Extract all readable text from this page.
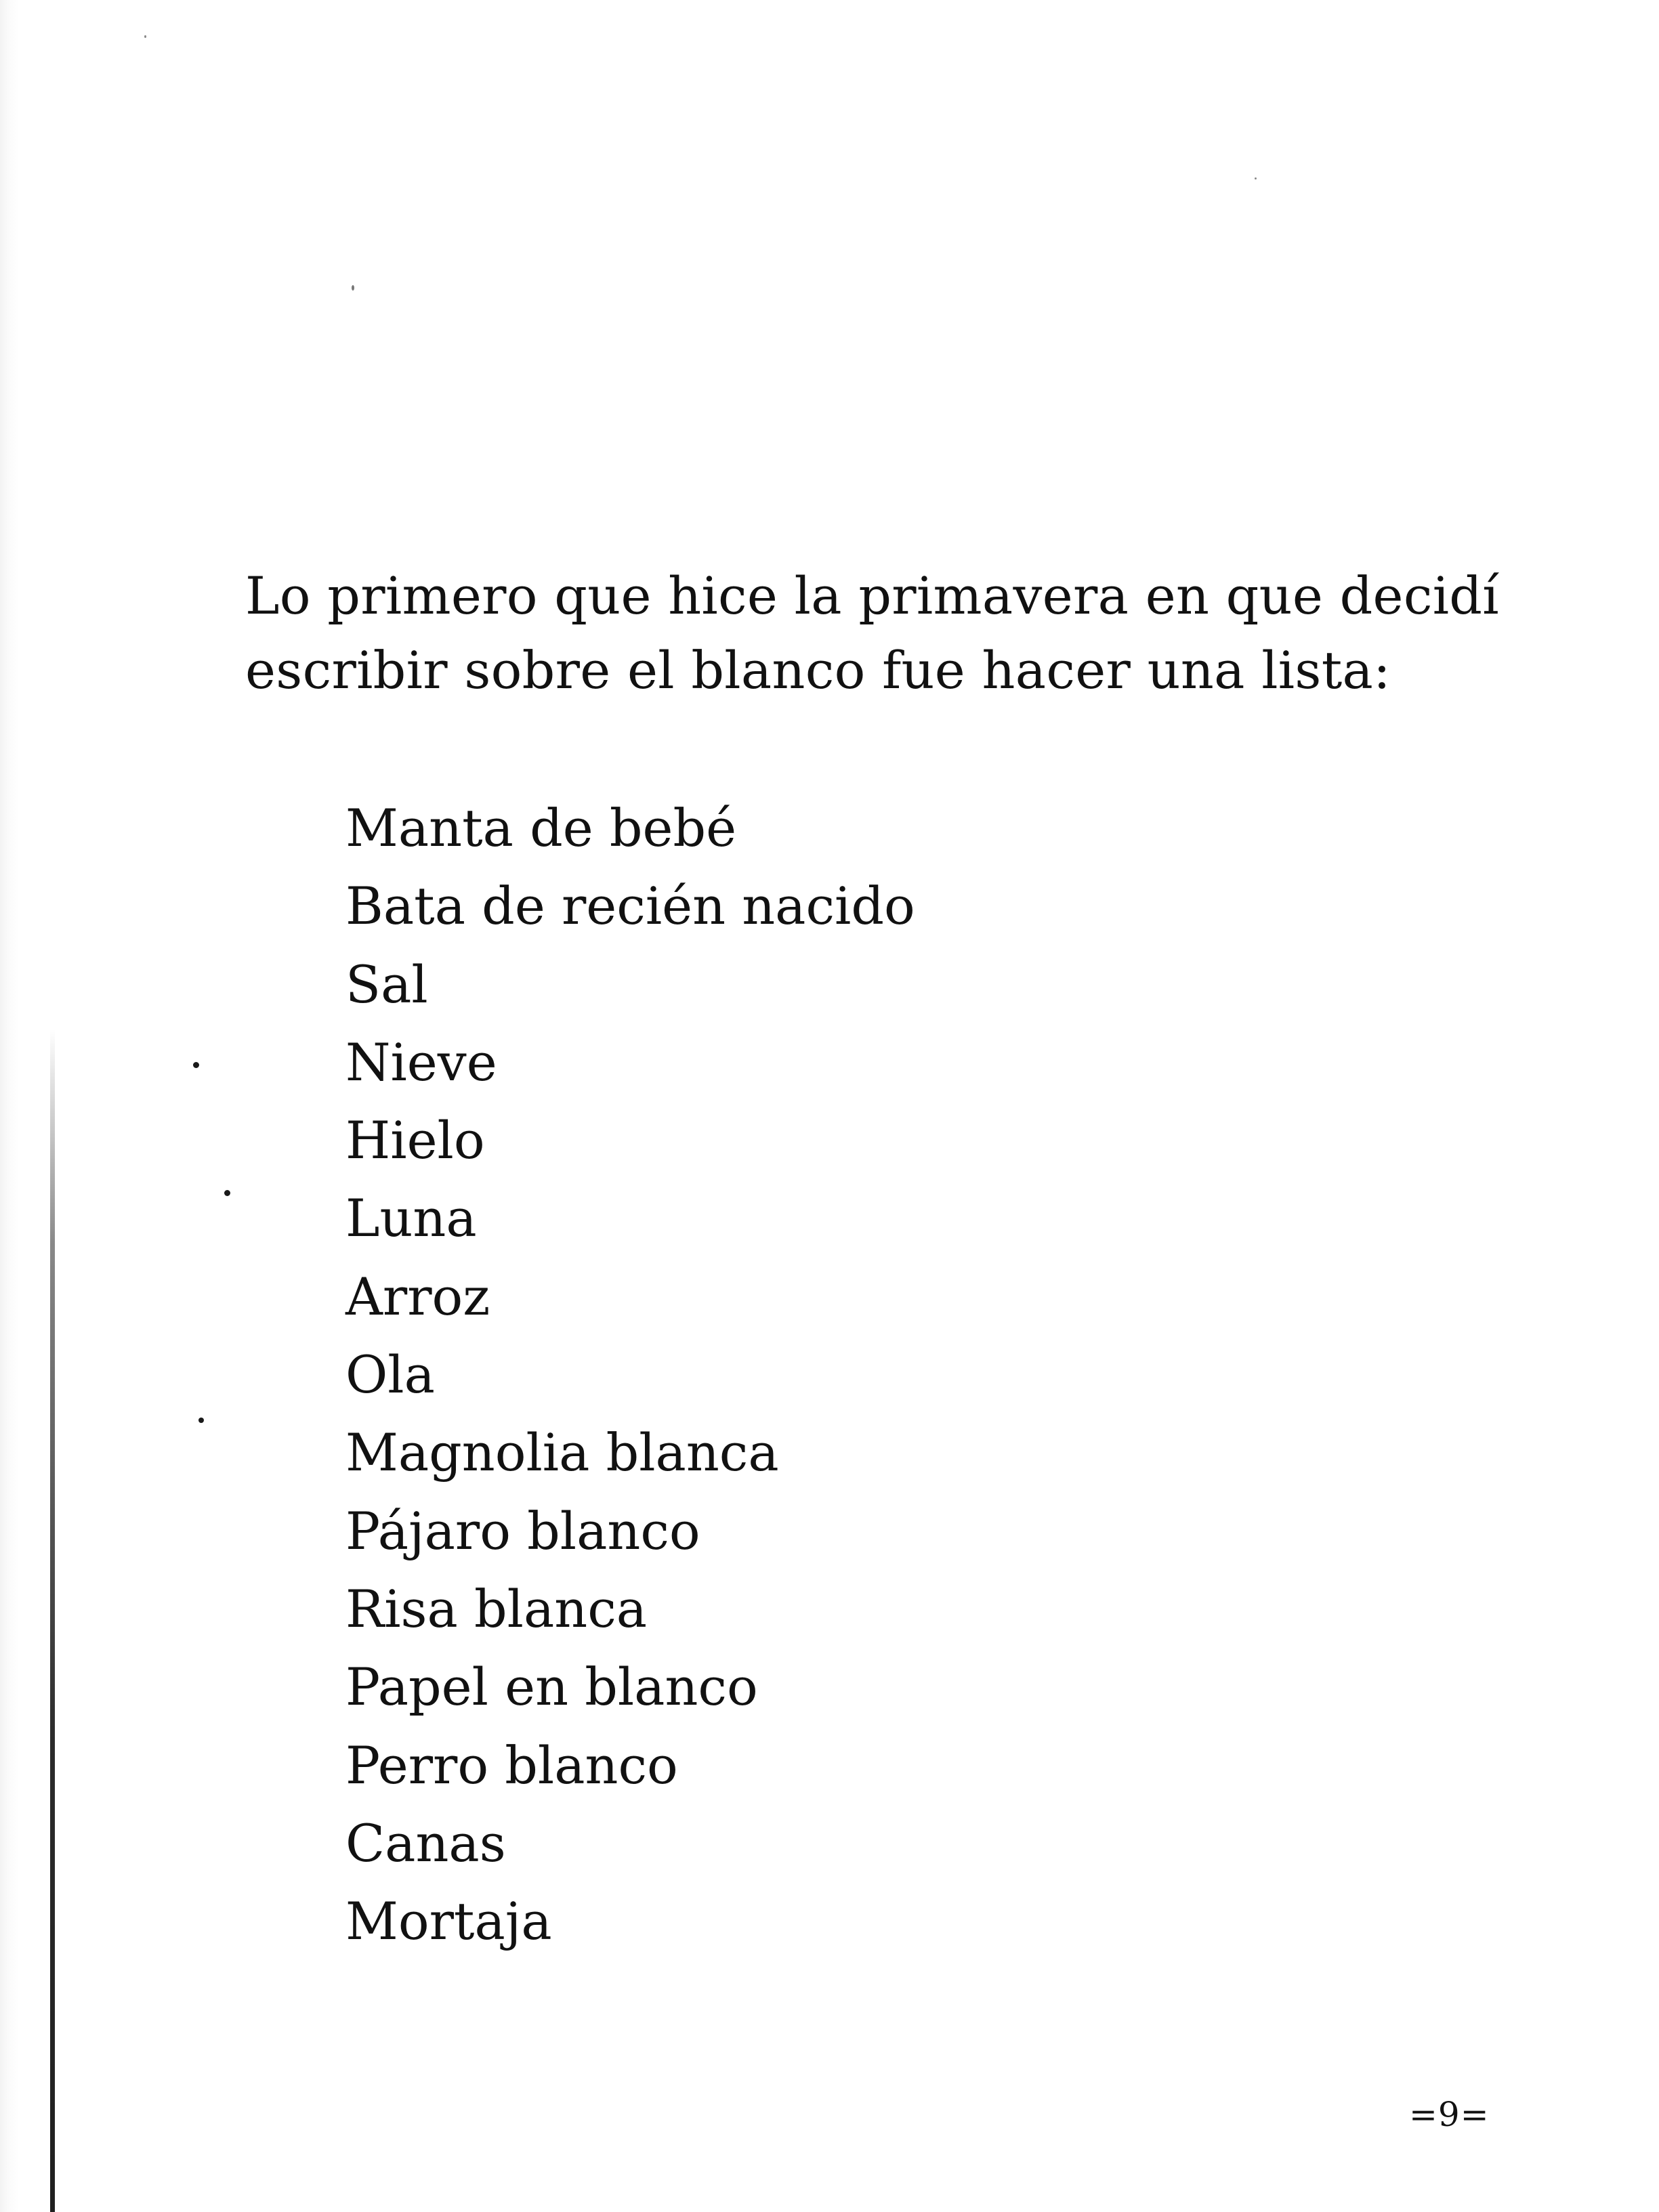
Lo primero que hice la primavera en que decidí
escribir sobre el blanco fue hacer una lista:

Manta de bebé
Bata de recién nacido
Sal
Nieve
Hielo
Luna
Arroz
Ola
Magnolia blanca
Pájaro blanco
Risa blanca
Papel en blanco
Perro blanco
Canas
Mortaja
=9=
